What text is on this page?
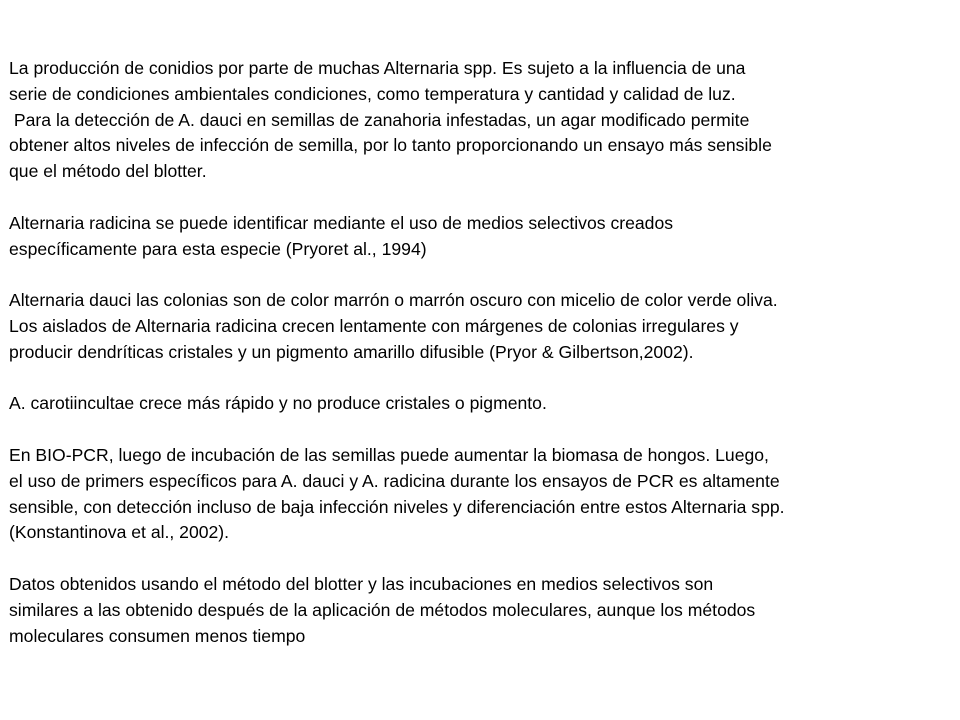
La producción de conidios por parte de muchas Alternaria spp. Es sujeto a la influencia de una
serie de condiciones ambientales condiciones, como temperatura y cantidad y calidad de luz.
Para la detección de A. dauci en semillas de zanahoria infestadas, un agar modificado permite
obtener altos niveles de infección de semilla, por lo tanto proporcionando un ensayo más sensible
que el método del blotter.
Alternaria radicina se puede identificar mediante el uso de medios selectivos creados
específicamente para esta especie (Pryoret al., 1994)
Alternaria dauci las colonias son de color marrón o marrón oscuro con micelio de color verde oliva.
Los aislados de Alternaria radicina crecen lentamente con márgenes de colonias irregulares y
producir dendríticas cristales y un pigmento amarillo difusible (Pryor & Gilbertson,2002).
A. carotiincultae crece más rápido y no produce cristales o pigmento.
En BIO-PCR, luego de incubación de las semillas puede aumentar la biomasa de hongos. Luego,
el uso de primers específicos para A. dauci y A. radicina durante los ensayos de PCR es altamente
sensible, con detección incluso de baja infección niveles y diferenciación entre estos Alternaria spp.
(Konstantinova et al., 2002).
Datos obtenidos usando el método del blotter y las incubaciones en medios selectivos son
similares a las obtenido después de la aplicación de métodos moleculares, aunque los métodos
moleculares consumen menos tiempo
